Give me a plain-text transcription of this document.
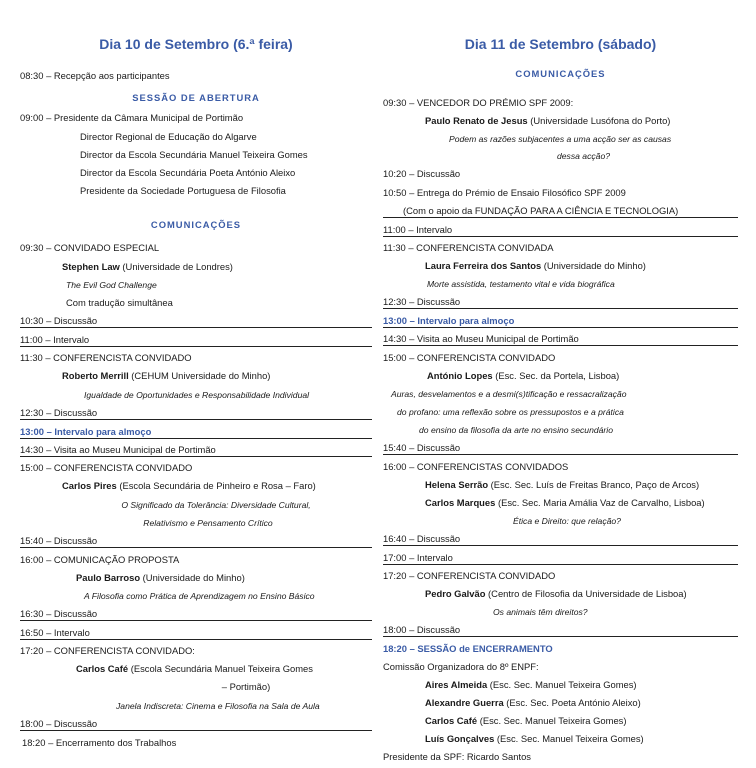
Dia 10 de Setembro (6.ª feira)
08:30 – Recepção aos participantes
SESSÃO DE ABERTURA
09:00 – Presidente da Câmara Municipal de Portimão
Director Regional de Educação do Algarve
Director da Escola Secundária Manuel Teixeira Gomes
Director da Escola Secundária Poeta António Aleixo
Presidente da Sociedade Portuguesa de Filosofia
COMUNICAÇÕES
09:30 – CONVIDADO ESPECIAL
Stephen Law (Universidade de Londres)
The Evil God Challenge
Com tradução simultânea
10:30 – Discussão
11:00 – Intervalo
11:30 – CONFERENCISTA CONVIDADO
Roberto Merrill (CEHUM Universidade do Minho)
Igualdade de Oportunidades e Responsabilidade Individual
12:30 – Discussão
13:00 – Intervalo para almoço
14:30 – Visita ao Museu Municipal de Portimão
15:00 – CONFERENCISTA CONVIDADO
Carlos Pires (Escola Secundária de Pinheiro e Rosa – Faro)
O Significado da Tolerância: Diversidade Cultural,
Relativismo e Pensamento Crítico
15:40 – Discussão
16:00 – COMUNICAÇÃO PROPOSTA
Paulo Barroso (Universidade do Minho)
A Filosofia como Prática de Aprendizagem no Ensino Básico
16:30 – Discussão
16:50 – Intervalo
17:20 – CONFERENCISTA CONVIDADO:
Carlos Café (Escola Secundária Manuel Teixeira Gomes
– Portimão)
Janela Indiscreta: Cinema e Filosofia na Sala de Aula
18:00 – Discussão
18:20 – Encerramento dos Trabalhos
Dia 11 de Setembro (sábado)
COMUNICAÇÕES
09:30 – VENCEDOR DO PRÉMIO SPF 2009:
Paulo Renato de Jesus (Universidade Lusófona do Porto)
Podem as razões subjacentes a uma acção ser as causas
dessa acção?
10:20 – Discussão
10:50 – Entrega do Prémio de Ensaio Filosófico SPF 2009
(Com o apoio da FUNDAÇÃO PARA A CIÊNCIA E TECNOLOGIA)
11:00 – Intervalo
11:30 – CONFERENCISTA CONVIDADA
Laura Ferreira dos Santos (Universidade do Minho)
Morte assistida, testamento vital e vida biográfica
12:30 – Discussão
13:00 – Intervalo para almoço
14:30 – Visita ao Museu Municipal de Portimão
15:00 – CONFERENCISTA CONVIDADO
António Lopes (Esc. Sec. da Portela, Lisboa)
Auras, desvelamentos e a desmi(s)tificação e ressacralização
do profano: uma reflexão sobre os pressupostos e a prática
do ensino da filosofia da arte no ensino secundário
15:40 – Discussão
16:00 – CONFERENCISTAS CONVIDADOS
Helena Serrão (Esc. Sec. Luís de Freitas Branco, Paço de Arcos)
Carlos Marques (Esc. Sec. Maria Amália Vaz de Carvalho, Lisboa)
Ética e Direito: que relação?
16:40 – Discussão
17:00 – Intervalo
17:20 – CONFERENCISTA CONVIDADO
Pedro Galvão (Centro de Filosofia da Universidade de Lisboa)
Os animais têm direitos?
18:00 – Discussão
18:20 – SESSÃO de ENCERRAMENTO
Comissão Organizadora do 8º ENPF:
Aires Almeida (Esc. Sec. Manuel Teixeira Gomes)
Alexandre Guerra (Esc. Sec. Poeta António Aleixo)
Carlos Café (Esc. Sec. Manuel Teixeira Gomes)
Luís Gonçalves (Esc. Sec. Manuel Teixeira Gomes)
Presidente da SPF: Ricardo Santos
